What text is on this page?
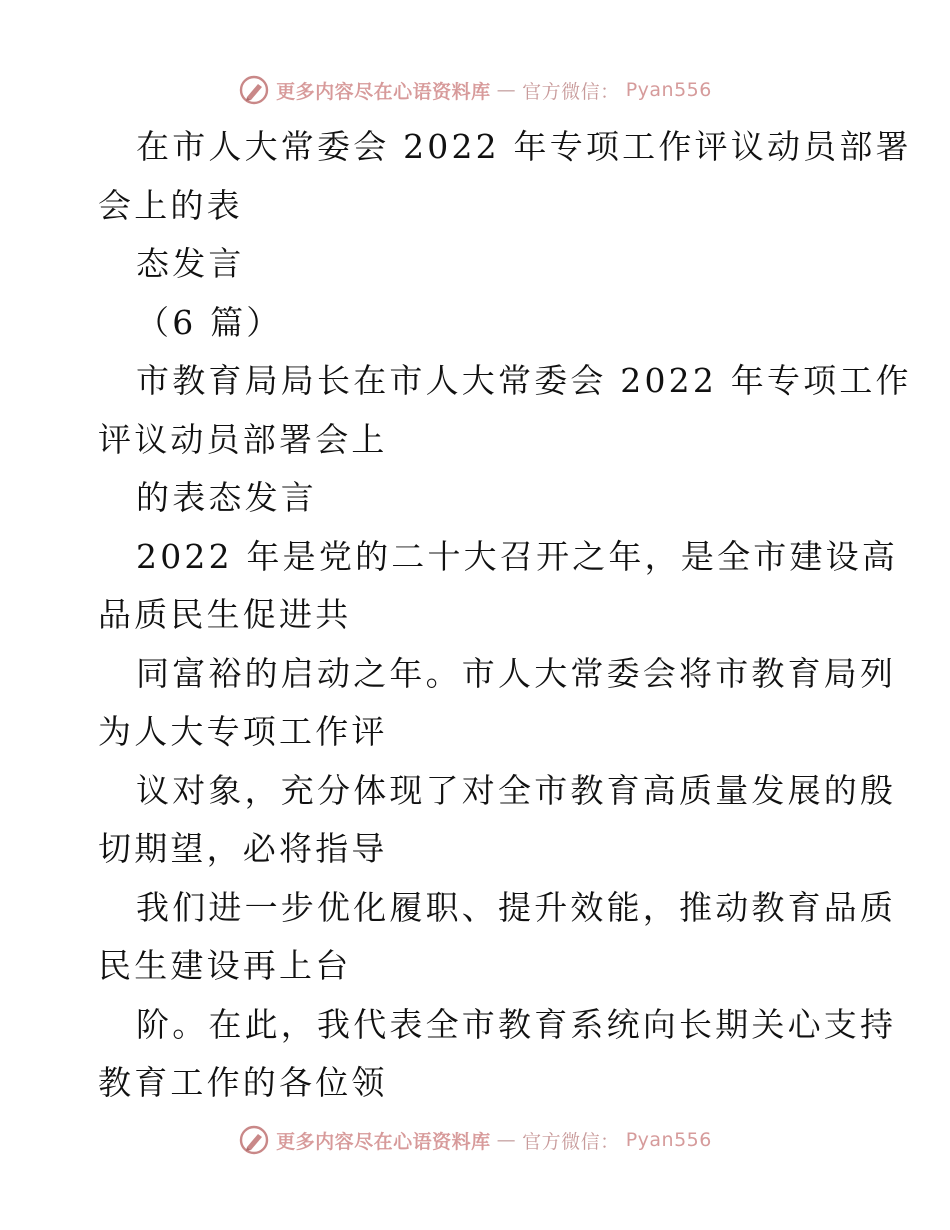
更多内容尽在心语资料库 — 官方微信： Pyan556
在市人大常委会 2022 年专项工作评议动员部署
会上的表
态发言
（6 篇）
市教育局局长在市人大常委会 2022 年专项工作
评议动员部署会上
的表态发言
2022 年是党的二十大召开之年，是全市建设高
品质民生促进共
同富裕的启动之年。市人大常委会将市教育局列
为人大专项工作评
议对象，充分体现了对全市教育高质量发展的殷
切期望，必将指导
我们进一步优化履职、提升效能，推动教育品质
民生建设再上台
阶。在此，我代表全市教育系统向长期关心支持
教育工作的各位领
更多内容尽在心语资料库 — 官方微信： Pyan556
